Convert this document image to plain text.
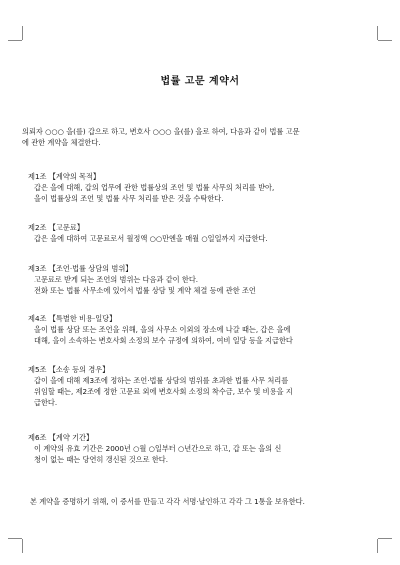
법률 고문 계약서

의뢰자 ○○○ 을(를) 갑으로 하고, 변호사 ○○○ 을(를) 을로 하여, 다음과 같이 법률 고문

에 관한 계약을 체결한다.

제1조 【계약의 목적】

갑은 을에 대해, 갑의 업무에 관한 법률상의 조언 및 법률 사무의 처리를 받아,

을이 법률상의 조언 및 법률 사무 처리를 받은 것을 수탁한다.

제2조 【고문료】

갑은 을에 대하여 고문료로서 월정액 ○○만엔을 매월 ○일일까지 지급한다.

제3조 【조언·법률 상담의 범위】

고문료로 받게 되는 조언의 범위는 다음과 같이 한다.

전화 또는 법률 사무소에 있어서 법률 상담 및 계약 체결 등에 관한 조언

제4조 【특별한 비용·일당】

을이 법률 상담 또는 조언을 위해, 을의 사무소 이외의 장소에 나갈 때는, 갑은 을에

대해, 을이 소속하는 변호사회 소정의 보수 규정에 의하여, 여비 일당 등을 지급한다

제5조 【소송 등의 경우】

갑이 을에 대해 제3조에 정하는 조언·법률 상담의 범위를 초과한 법률 사무 처리를

위임할 때는, 제2조에 정한 고문료 외에 변호사회 소정의 착수금, 보수 및 비용을 지

급한다.

제6조 【계약 기간】

이 계약의 유효 기간은 2000년 ○월 ○일부터 ○년간으로 하고, 갑 또는 을의 신

청이 없는 때는 당연히 갱신된 것으로 한다.

본 계약을 증명하기 위해, 이 증서를 만들고 각각 서명·날인하고 각각 그 1통을 보유한다.
